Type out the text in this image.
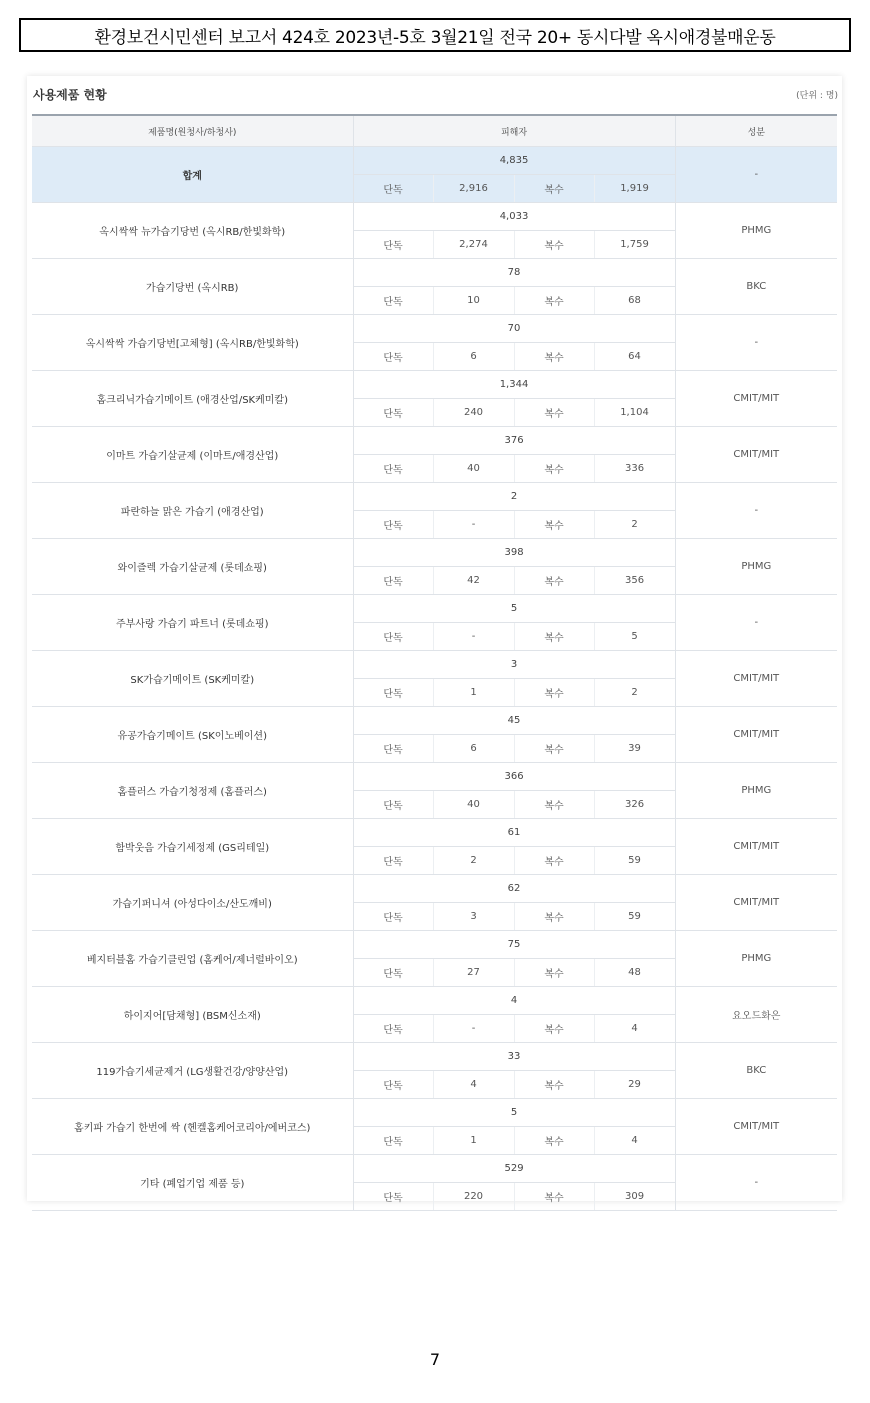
환경보건시민센터 보고서 424호 2023년-5호 3월21일 전국 20+ 동시다발 옥시애경불매운동
사용제품 현황	(단위 : 명)
제품명(원청사/하청사)	피해자				성분
합계	4,835				-
	단독	2,916	복수	1,919	
옥시싹싹 뉴가습기당번 (옥시RB/한빛화학)	4,033				PHMG
	단독	2,274	복수	1,759	
가습기당번 (옥시RB)	78				BKC
	단독	10	복수	68	
옥시싹싹 가습기당번[고체형] (옥시RB/한빛화학)	70				-
	단독	6	복수	64	
홈크리닉가습기메이트 (애경산업/SK케미칼)	1,344				CMIT/MIT
	단독	240	복수	1,104	
이마트 가습기살균제 (이마트/애경산업)	376				CMIT/MIT
	단독	40	복수	336	
파란하늘 맑은 가습기 (애경산업)	2				-
	단독	-	복수	2	
와이즐렉 가습기살균제 (롯데쇼핑)	398				PHMG
	단독	42	복수	356	
주부사랑 가습기 파트너 (롯데쇼핑)	5				-
	단독	-	복수	5	
SK가습기메이트 (SK케미칼)	3				CMIT/MIT
	단독	1	복수	2	
유공가습기메이트 (SK이노베이션)	45				CMIT/MIT
	단독	6	복수	39	
홈플러스 가습기청정제 (홈플러스)	366				PHMG
	단독	40	복수	326	
함박웃음 가습기세정제 (GS리테일)	61				CMIT/MIT
	단독	2	복수	59	
가습기퍼니셔 (아성다이소/산도깨비)	62				CMIT/MIT
	단독	3	복수	59	
베지터블홈 가습기클린업 (홈케어/제너럴바이오)	75				PHMG
	단독	27	복수	48	
하이지어[담채형] (BSM신소재)	4				요오드화은
	단독	-	복수	4	
119가습기세균제거 (LG생활건강/양양산업)	33				BKC
	단독	4	복수	29	
홈키파 가습기 한번에 싹 (헨켈홈케어코리아/에버코스)	5				CMIT/MIT
	단독	1	복수	4	
기타 (폐업기업 제품 등)	529				-
	단독	220	복수	309	
7
